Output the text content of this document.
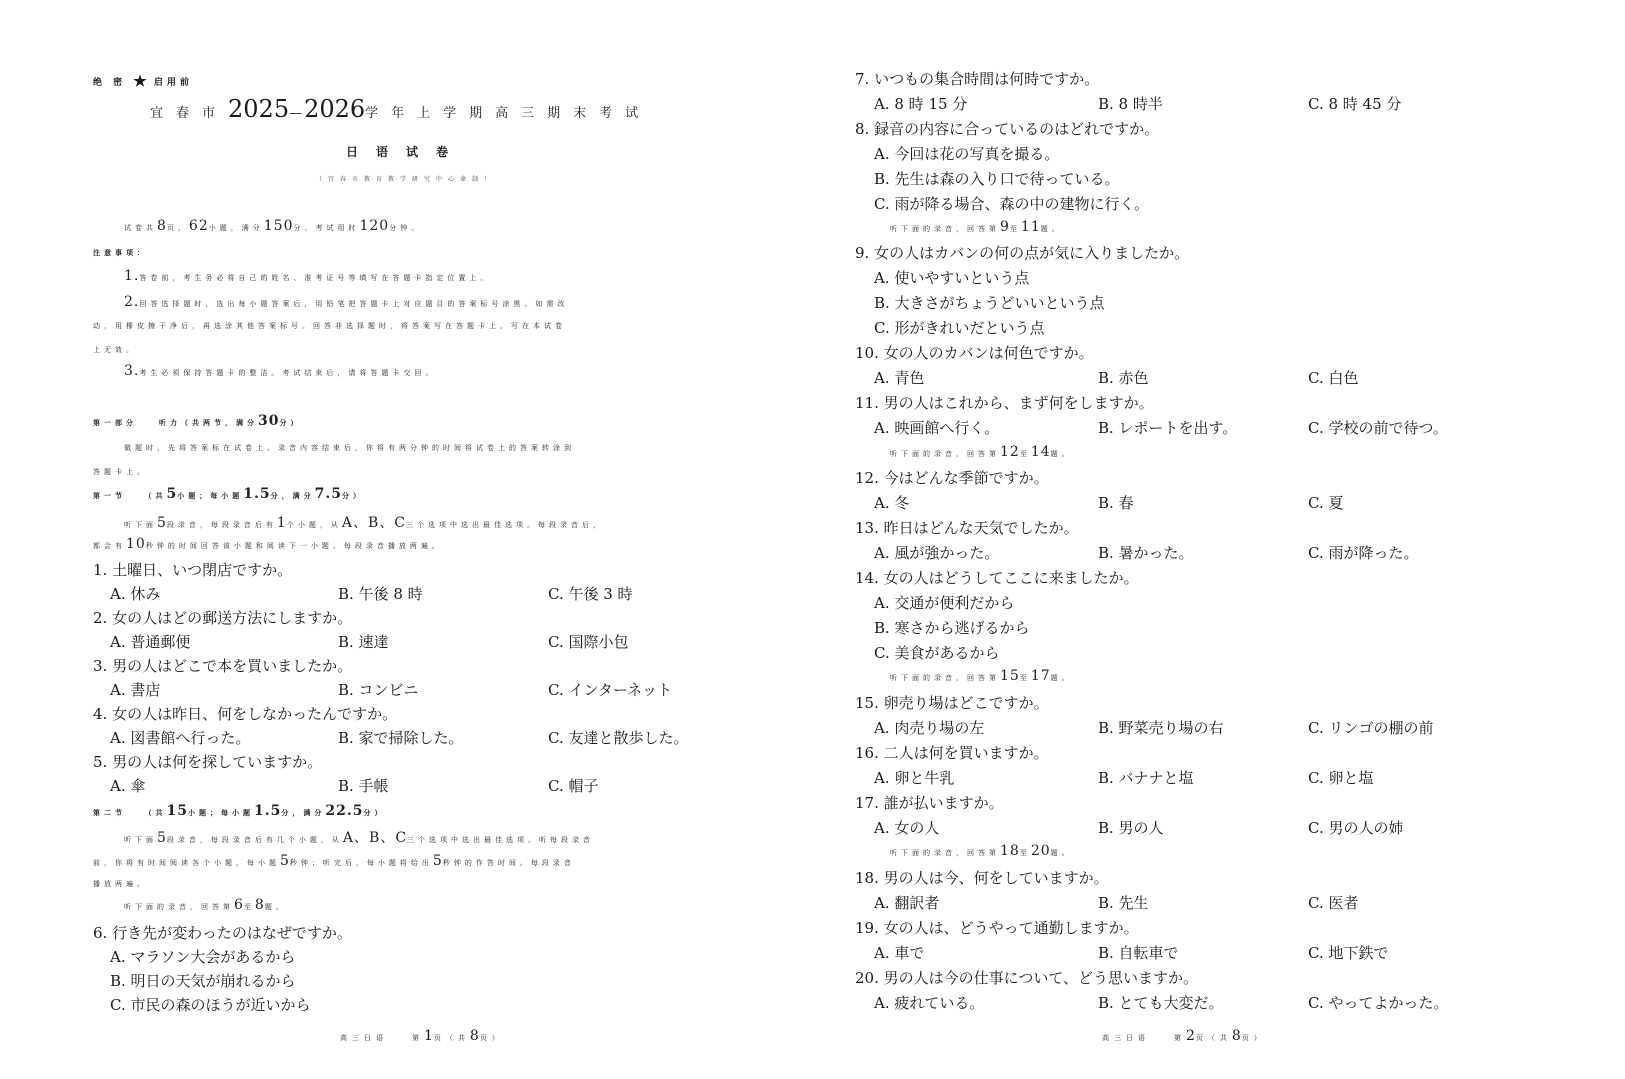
绝 密 ★ 启用前
宜春市2025—2026学年上学期高三期末考试
日语试卷
（宜春市教育教学研究中心命制）
试卷共8页，62小题，满分150分。考试用时120分钟。
注意事项：
1.答卷前，考生务必将自己的姓名、准考证号等填写在答题卡指定位置上。
2.回答选择题时，选出每小题答案后，用铅笔把答题卡上对应题目的答案标号涂黑。如需改
动，用橡皮擦干净后，再选涂其他答案标号。回答非选择题时，将答案写在答题卡上。写在本试卷
上无效。
3.考生必须保持答题卡的整洁。考试结束后，请将答题卡交回。
第一部分　　听力（共两节，满分30分）
做题时，先将答案标在试卷上。录音内容结束后，你将有两分钟的时间将试卷上的答案转涂到
答题卡上。
第一节　　（共5小题；每小题1.5分，满分7.5分）
听下面5段录音，每段录音后有1个小题，从A、B、C三个选项中选出最佳选项。每段录音后，
都会有10秒钟的时间回答该小题和阅读下一小题。每段录音播放两遍。
1. 土曜日、いつ閉店ですか。
A. 休み	B. 午後 8 時	C. 午後 3 時
2. 女の人はどの郵送方法にしますか。
A. 普通郵便	B. 速達	C. 国際小包
3. 男の人はどこで本を買いましたか。
A. 書店	B. コンビニ	C. インターネット
4. 女の人は昨日、何をしなかったんですか。
A. 図書館へ行った。	B. 家で掃除した。	C. 友達と散歩した。
5. 男の人は何を探していますか。
A. 傘	B. 手帳	C. 帽子
第二节　　（共15小题；每小题1.5分，满分22.5分）
听下面5段录音，每段录音后有几个小题，从A、B、C三个选项中选出最佳选项。听每段录音
前，你将有时间阅读各个小题，每小题5秒钟；听完后，每小题将给出5秒钟的作答时间。每段录音
播放两遍。
听下面的录音，回答第6至8题。
6. 行き先が変わったのはなぜですか。
A. マラソン大会があるから
B. 明日の天気が崩れるから
C. 市民の森のほうが近いから
高三日语　　第1页（共8页）
7. いつもの集合時間は何時ですか。
A. 8 時 15 分	B. 8 時半	C. 8 時 45 分
8. 録音の内容に合っているのはどれですか。
A. 今回は花の写真を撮る。
B. 先生は森の入り口で待っている。
C. 雨が降る場合、森の中の建物に行く。
听下面的录音，回答第9至11题。
9. 女の人はカバンの何の点が気に入りましたか。
A. 使いやすいという点
B. 大きさがちょうどいいという点
C. 形がきれいだという点
10. 女の人のカバンは何色ですか。
A. 青色	B. 赤色	C. 白色
11. 男の人はこれから、まず何をしますか。
A. 映画館へ行く。	B. レポートを出す。	C. 学校の前で待つ。
听下面的录音，回答第12至14题。
12. 今はどんな季節ですか。
A. 冬	B. 春	C. 夏
13. 昨日はどんな天気でしたか。
A. 風が強かった。	B. 暑かった。	C. 雨が降った。
14. 女の人はどうしてここに来ましたか。
A. 交通が便利だから
B. 寒さから逃げるから
C. 美食があるから
听下面的录音，回答第15至17题。
15. 卵売り場はどこですか。
A. 肉売り場の左	B. 野菜売り場の右	C. リンゴの棚の前
16. 二人は何を買いますか。
A. 卵と牛乳	B. バナナと塩	C. 卵と塩
17. 誰が払いますか。
A. 女の人	B. 男の人	C. 男の人の姉
听下面的录音，回答第18至20题。
18. 男の人は今、何をしていますか。
A. 翻訳者	B. 先生	C. 医者
19. 女の人は、どうやって通勤しますか。
A. 車で	B. 自転車で	C. 地下鉄で
20. 男の人は今の仕事について、どう思いますか。
A. 疲れている。	B. とても大変だ。	C. やってよかった。
高三日语　　第2页（共8页）
